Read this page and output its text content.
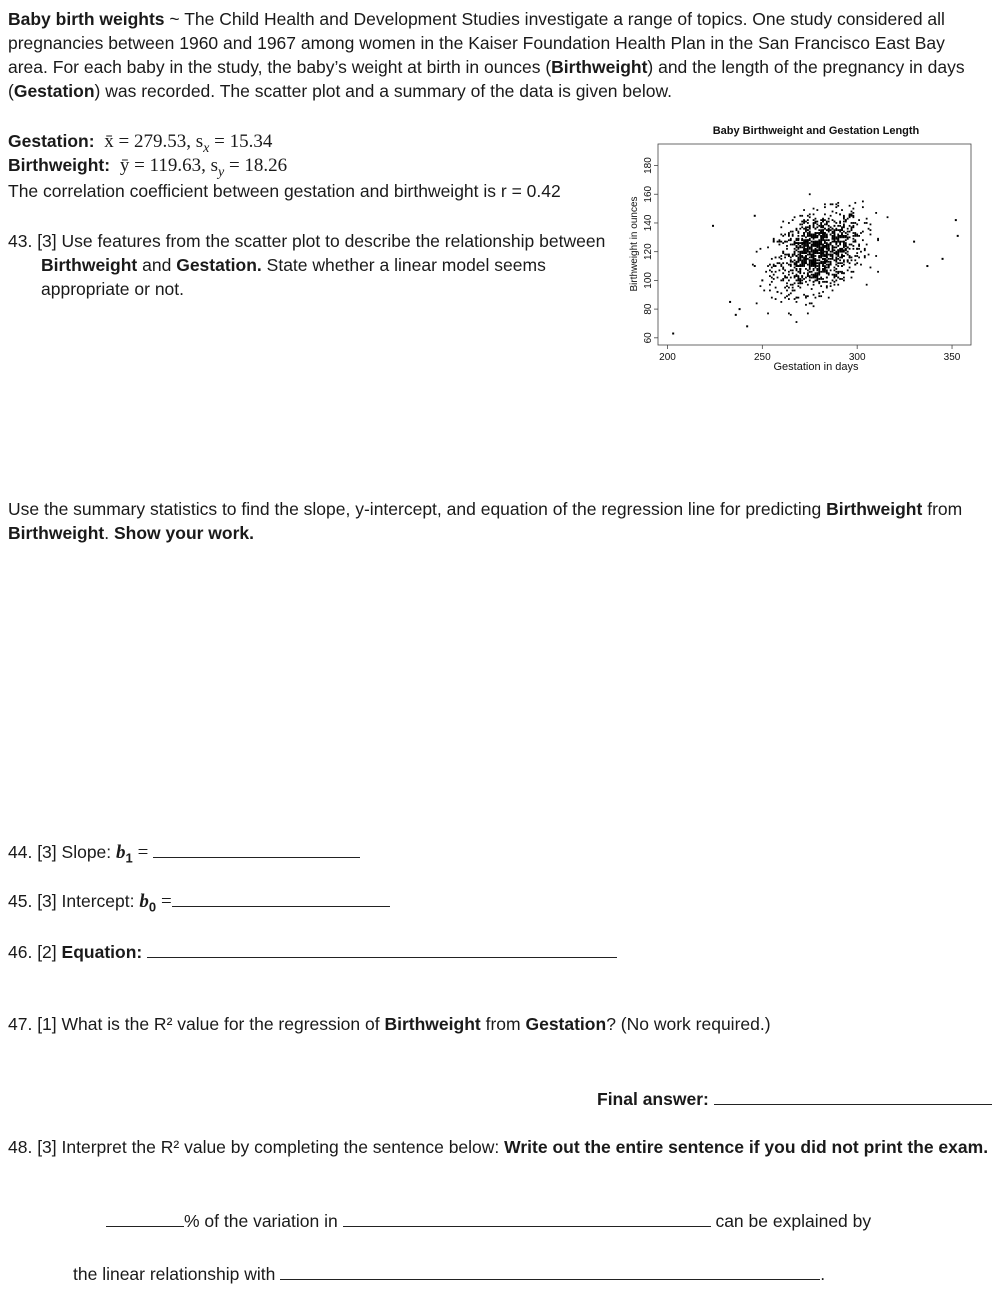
Baby birth weights ~ The Child Health and Development Studies investigate a range of topics. One study considered all pregnancies between 1960 and 1967 among women in the Kaiser Foundation Health Plan in the San Francisco East Bay area. For each baby in the study, the baby’s weight at birth in ounces (Birthweight) and the length of the pregnancy in days (Gestation) was recorded. The scatter plot and a summary of the data is given below.
Gestation: x̄ = 279.53, $s_x = 15.34$
Birthweight: ȳ = 119.63, $s_y = 18.26$
The correlation coefficient between gestation and birthweight is r = 0.42
43. [3] Use features from the scatter plot to describe the relationship between Birthweight and Gestation. State whether a linear model seems appropriate or not.
Baby Birthweight and Gestation Length
200	250	300	350
60
80
100
120
140
160
180
Gestation in days
Birthweight in ounces
Use the summary statistics to find the slope, y-intercept, and equation of the regression line for predicting Birthweight from Birthweight. Show your work.
44. [3] Slope: $b_1$ =
45. [3] Intercept: $b_0$ =
46. [2] Equation:
47. [1] What is the R² value for the regression of Birthweight from Gestation? (No work required.)
Final answer:
48. [3] Interpret the R² value by completing the sentence below: Write out the entire sentence if you did not print the exam.
% of the variation in	can be explained by
the linear relationship with	.
